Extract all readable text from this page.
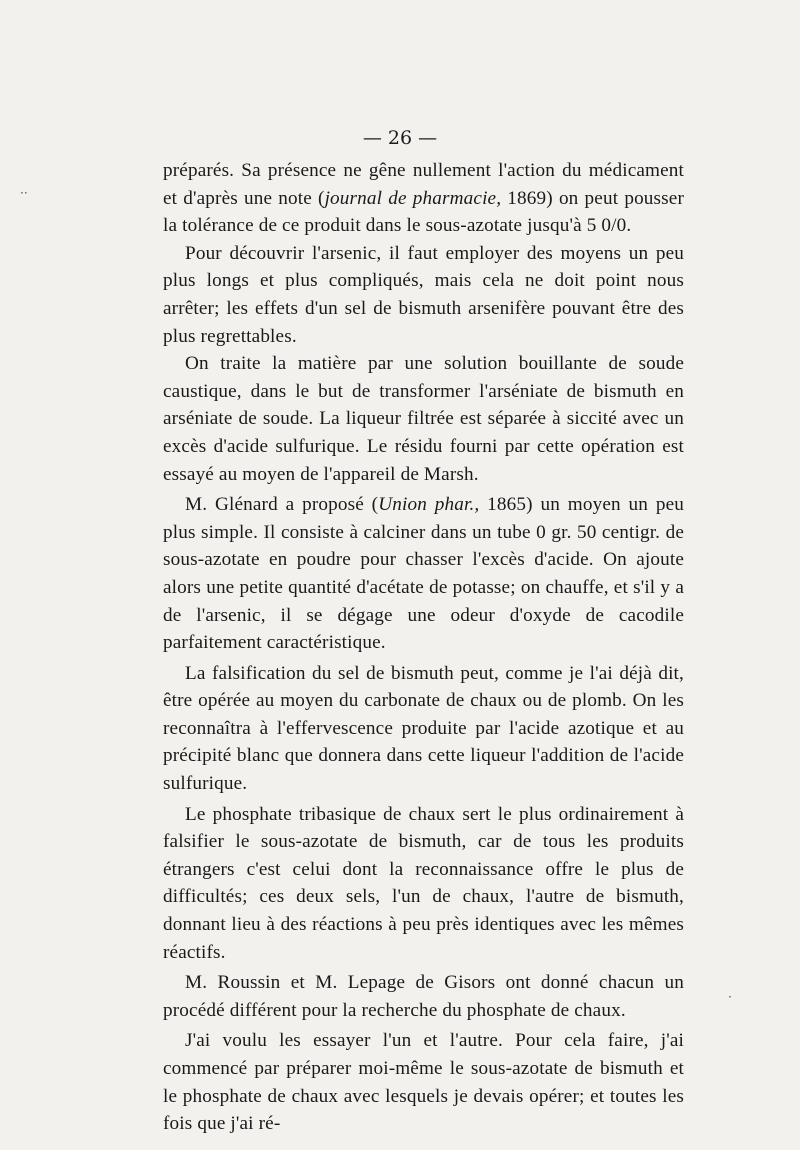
— 26 —

préparés. Sa présence ne gêne nullement l'action du médicament et d'après une note (journal de pharmacie, 1869) on peut pousser la tolérance de ce produit dans le sous-azotate jusqu'à 5 0/0.

Pour découvrir l'arsenic, il faut employer des moyens un peu plus longs et plus compliqués, mais cela ne doit point nous arrêter; les effets d'un sel de bismuth arsenifère pouvant être des plus regrettables.

On traite la matière par une solution bouillante de soude caustique, dans le but de transformer l'arséniate de bismuth en arséniate de soude. La liqueur filtrée est séparée à siccité avec un excès d'acide sulfurique. Le résidu fourni par cette opération est essayé au moyen de l'appareil de Marsh.

M. Glénard a proposé (Union phar., 1865) un moyen un peu plus simple. Il consiste à calciner dans un tube 0 gr. 50 centigr. de sous-azotate en poudre pour chasser l'excès d'acide. On ajoute alors une petite quantité d'acétate de potasse; on chauffe, et s'il y a de l'arsenic, il se dégage une odeur d'oxyde de cacodile parfaitement caractéristique.

La falsification du sel de bismuth peut, comme je l'ai déjà dit, être opérée au moyen du carbonate de chaux ou de plomb. On les reconnaîtra à l'effervescence produite par l'acide azotique et au précipité blanc que donnera dans cette liqueur l'addition de l'acide sulfurique.

Le phosphate tribasique de chaux sert le plus ordinairement à falsifier le sous-azotate de bismuth, car de tous les produits étrangers c'est celui dont la reconnaissance offre le plus de difficultés; ces deux sels, l'un de chaux, l'autre de bismuth, donnant lieu à des réactions à peu près identiques avec les mêmes réactifs.

M. Roussin et M. Lepage de Gisors ont donné chacun un procédé différent pour la recherche du phosphate de chaux.

J'ai voulu les essayer l'un et l'autre. Pour cela faire, j'ai commencé par préparer moi-même le sous-azotate de bismuth et le phosphate de chaux avec lesquels je devais opérer; et toutes les fois que j'ai ré-

··
·
